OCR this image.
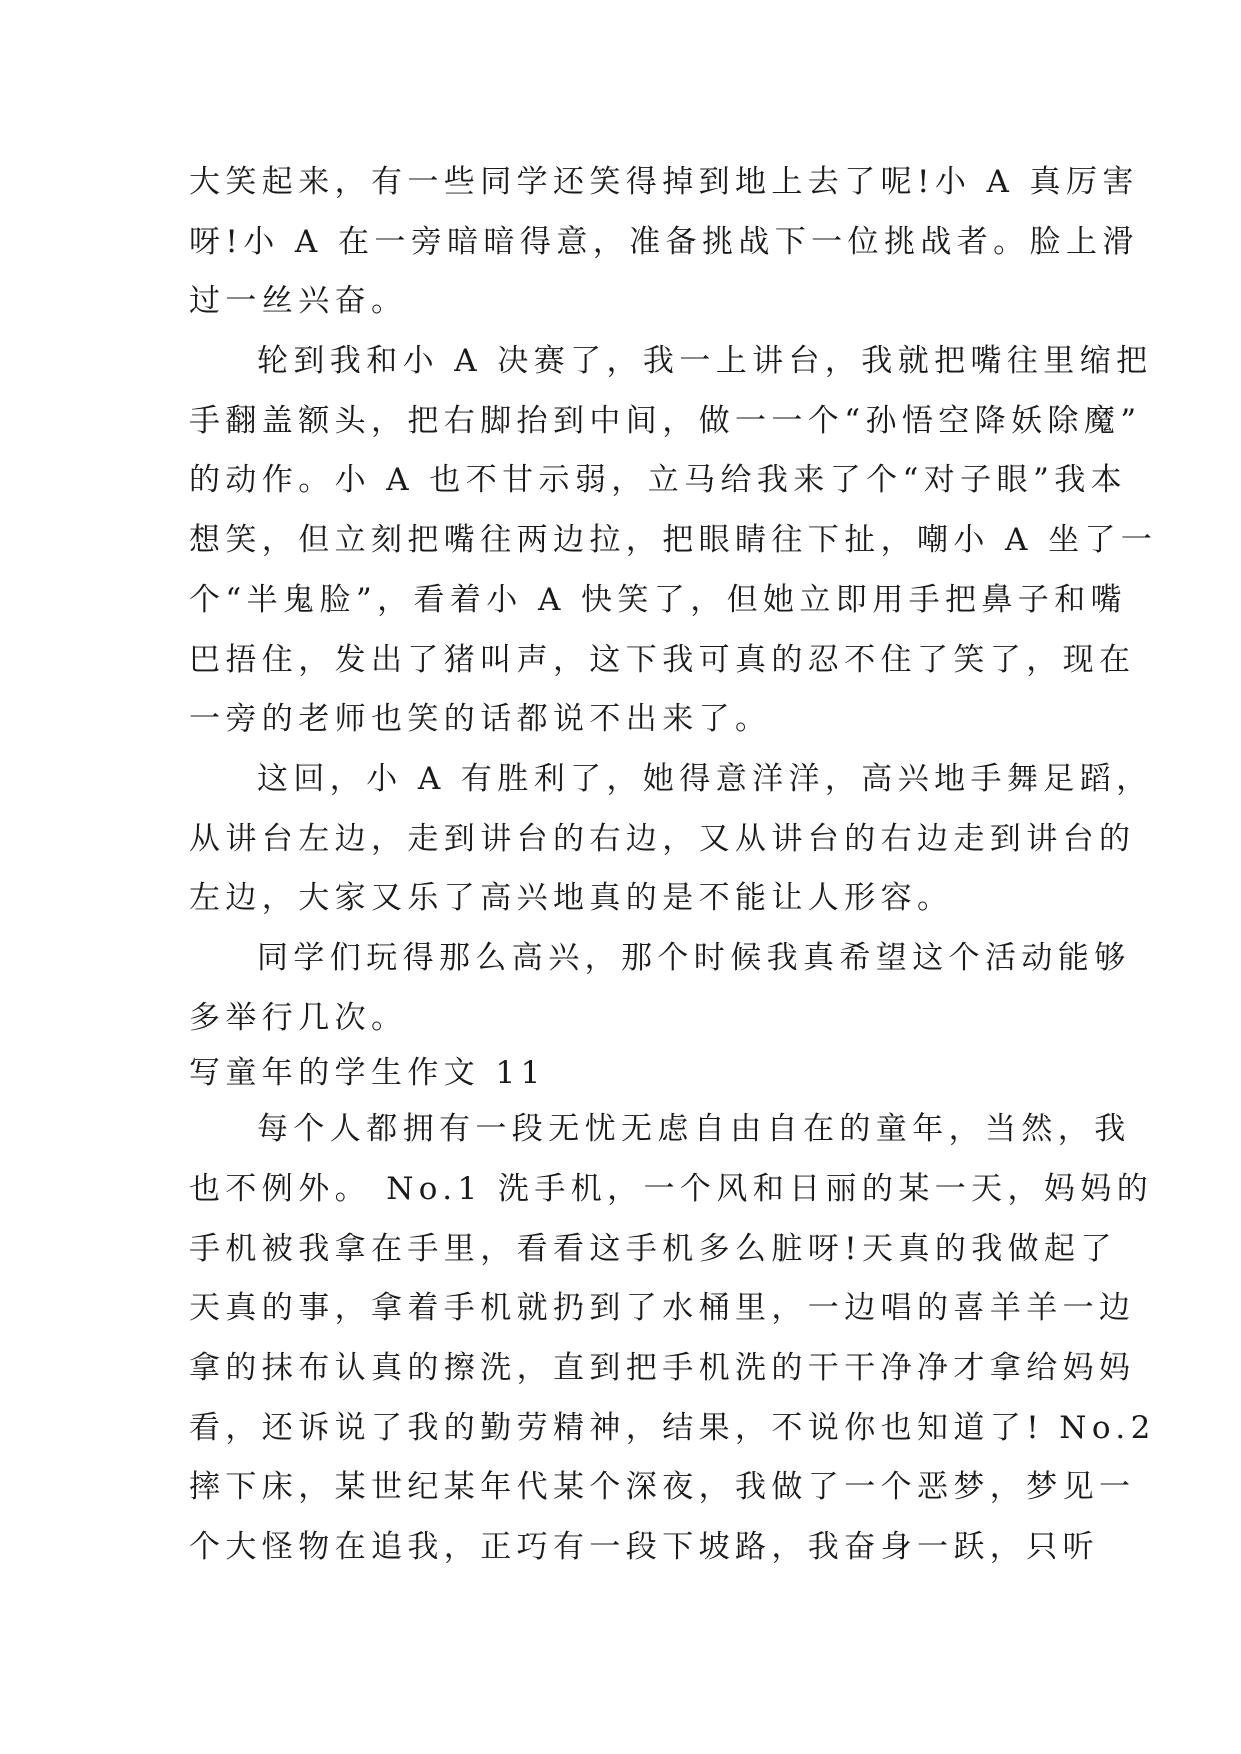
大笑起来，有一些同学还笑得掉到地上去了呢!小 A 真厉害

呀!小 A 在一旁暗暗得意，准备挑战下一位挑战者。脸上滑

过一丝兴奋。

轮到我和小 A 决赛了，我一上讲台，我就把嘴往里缩把

手翻盖额头，把右脚抬到中间，做一一个“孙悟空降妖除魔”

的动作。小 A 也不甘示弱，立马给我来了个“对子眼”我本

想笑，但立刻把嘴往两边拉，把眼睛往下扯，嘲小 A 坐了一

个“半鬼脸”，看着小 A 快笑了，但她立即用手把鼻子和嘴

巴捂住，发出了猪叫声，这下我可真的忍不住了笑了，现在

一旁的老师也笑的话都说不出来了。

这回，小 A 有胜利了，她得意洋洋，高兴地手舞足蹈，

从讲台左边，走到讲台的右边，又从讲台的右边走到讲台的

左边，大家又乐了高兴地真的是不能让人形容。

同学们玩得那么高兴，那个时候我真希望这个活动能够

多举行几次。

写童年的学生作文 11

每个人都拥有一段无忧无虑自由自在的童年，当然，我

也不例外。 No.1 洗手机，一个风和日丽的某一天，妈妈的

手机被我拿在手里，看看这手机多么脏呀!天真的我做起了

天真的事，拿着手机就扔到了水桶里，一边唱的喜羊羊一边

拿的抹布认真的擦洗，直到把手机洗的干干净净才拿给妈妈

看，还诉说了我的勤劳精神，结果，不说你也知道了! No.2

摔下床，某世纪某年代某个深夜，我做了一个恶梦，梦见一

个大怪物在追我，正巧有一段下坡路，我奋身一跃，只听
